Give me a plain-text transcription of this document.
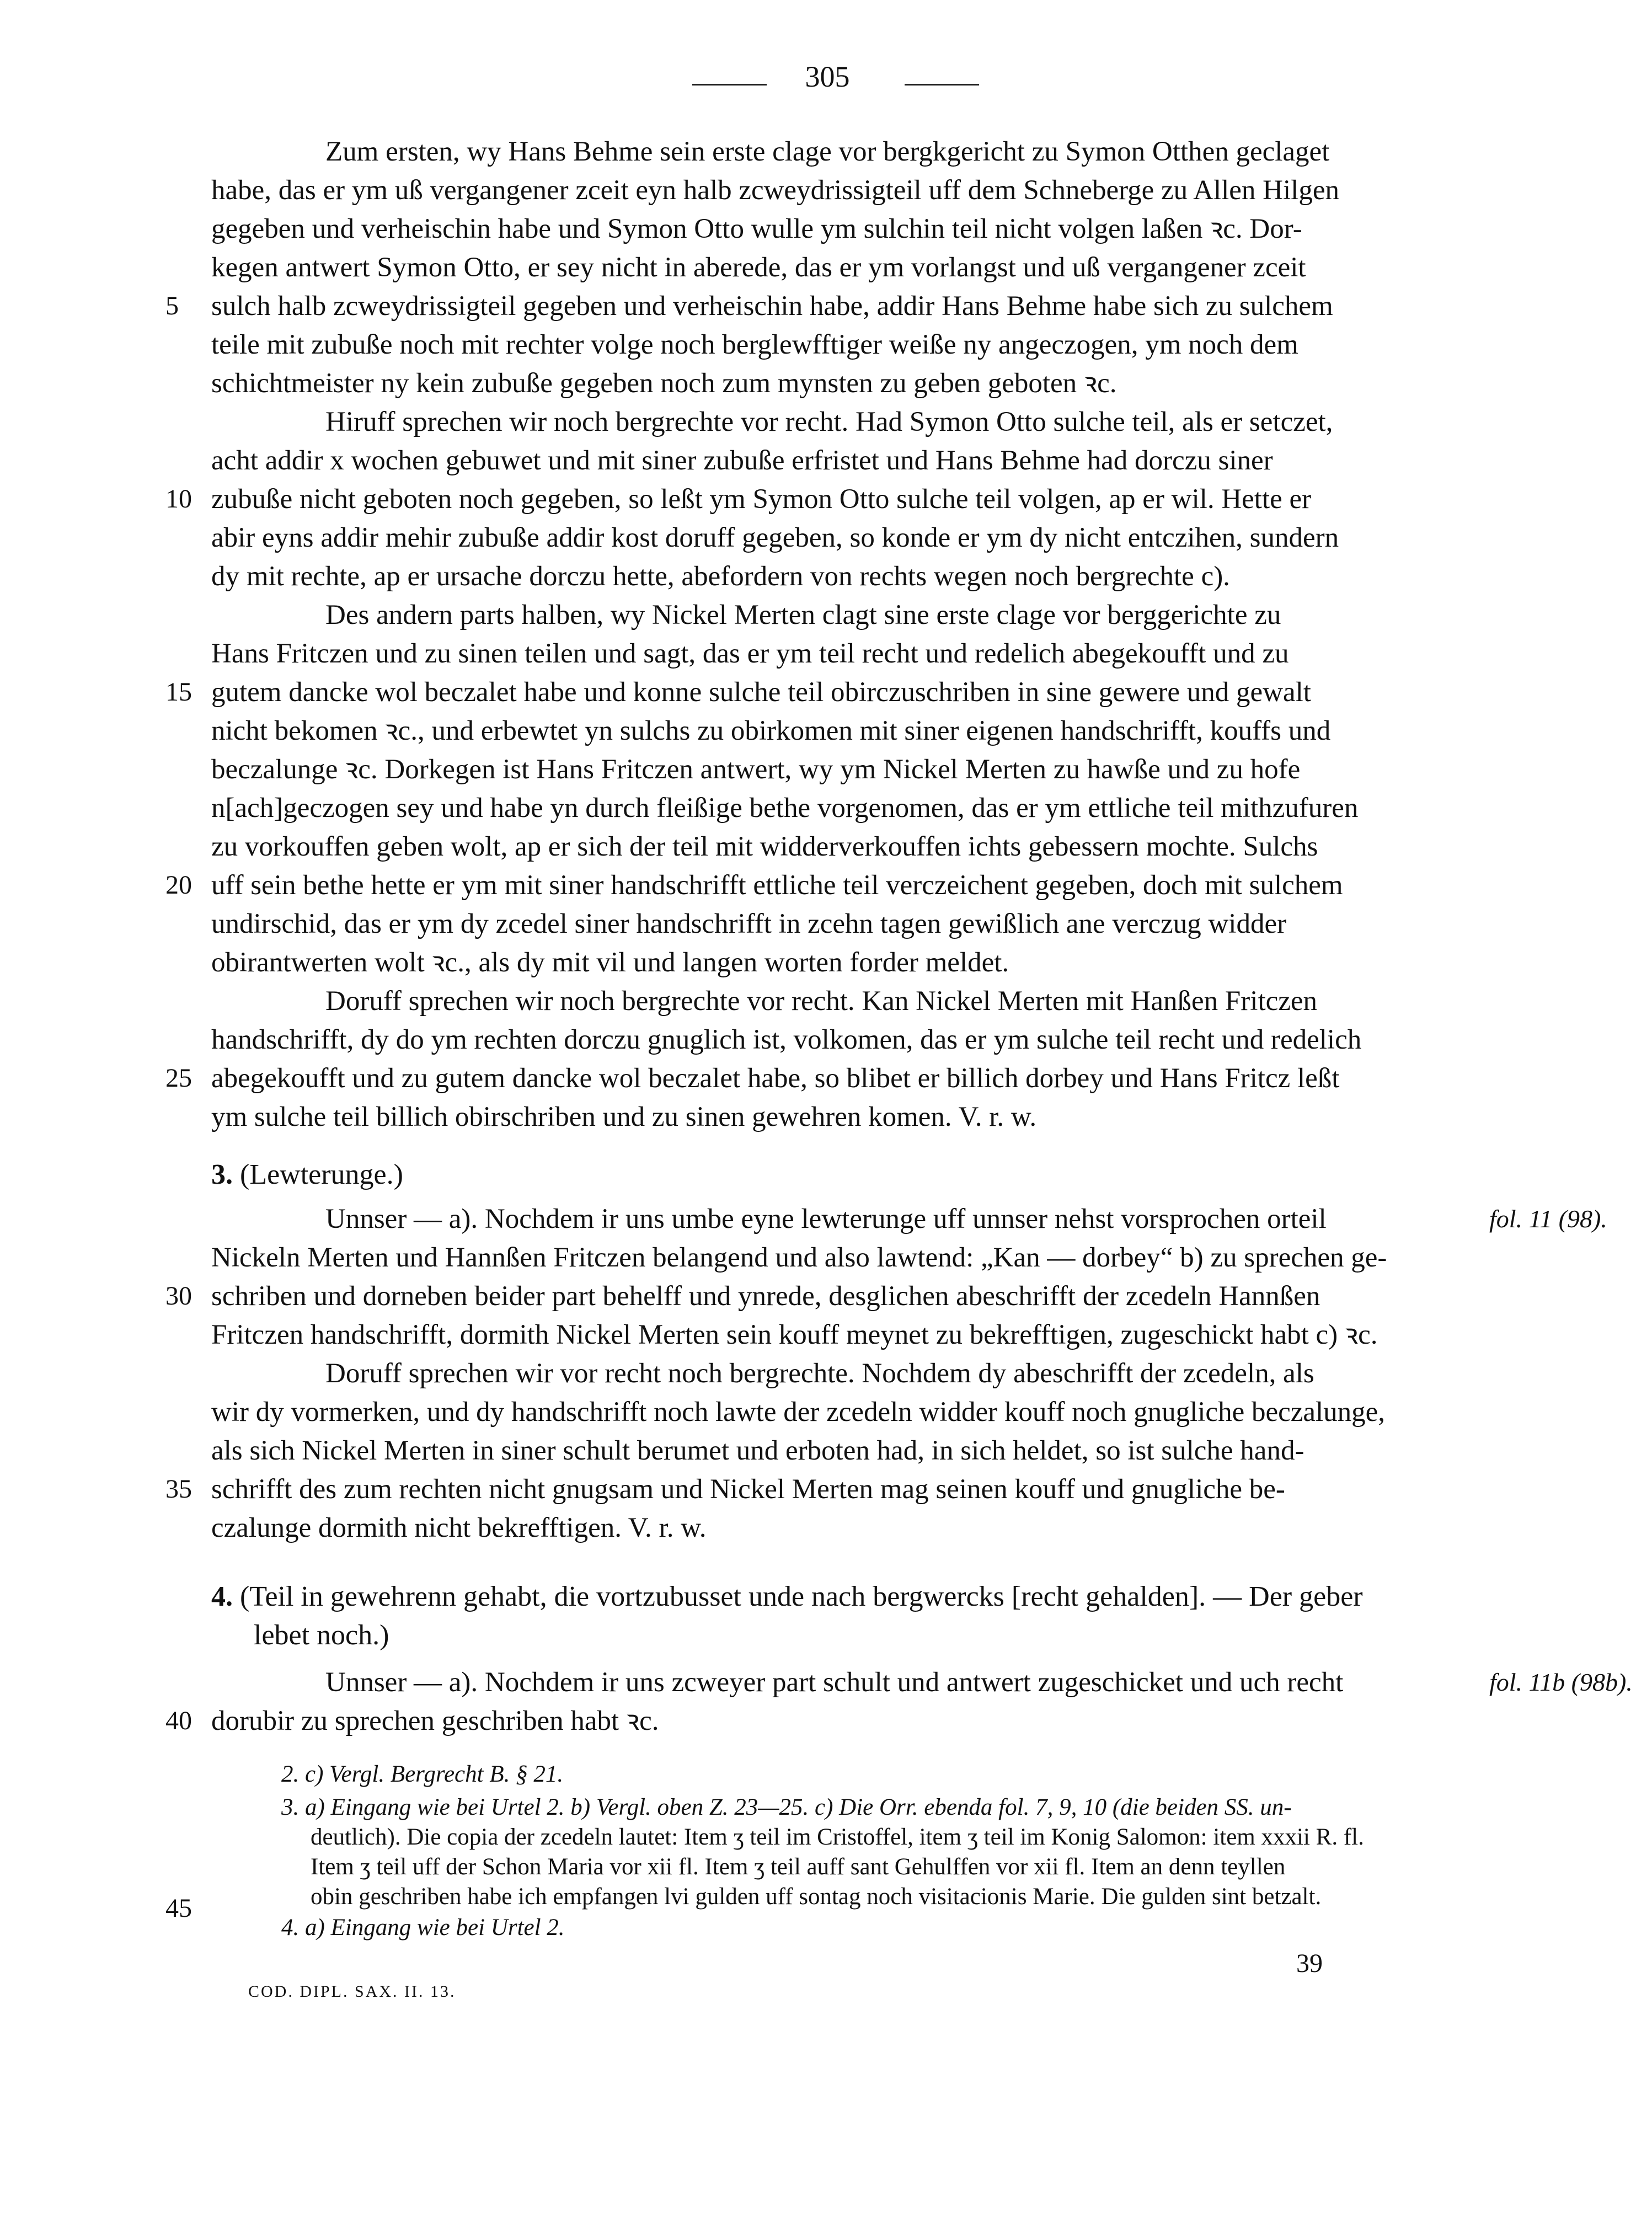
305
Zum ersten, wy Hans Behme sein erste clage vor bergkgericht zu Symon Otthen geclaget
habe, das er ym uß vergangener zceit eyn halb zcweydrissigteil uff dem Schneberge zu Allen Hilgen
gegeben und verheischin habe und Symon Otto wulle ym sulchin teil nicht volgen laßen ꝛc. Dor-
kegen antwert Symon Otto, er sey nicht in aberede, das er ym vorlangst und uß vergangener zceit
sulch halb zcweydrissigteil gegeben und verheischin habe, addir Hans Behme habe sich zu sulchem
teile mit zubuße noch mit rechter volge noch berglewfftiger weiße ny angeczogen, ym noch dem
schichtmeister ny kein zubuße gegeben noch zum mynsten zu geben geboten ꝛc.
Hiruff sprechen wir noch bergrechte vor recht. Had Symon Otto sulche teil, als er setczet,
acht addir x wochen gebuwet und mit siner zubuße erfristet und Hans Behme had dorczu siner
zubuße nicht geboten noch gegeben, so leßt ym Symon Otto sulche teil volgen, ap er wil. Hette er
abir eyns addir mehir zubuße addir kost doruff gegeben, so konde er ym dy nicht entczihen, sundern
dy mit rechte, ap er ursache dorczu hette, abefordern von rechts wegen noch bergrechte c).
Des andern parts halben, wy Nickel Merten clagt sine erste clage vor berggerichte zu
Hans Fritczen und zu sinen teilen und sagt, das er ym teil recht und redelich abegekoufft und zu
gutem dancke wol beczalet habe und konne sulche teil obirczuschriben in sine gewere und gewalt
nicht bekomen ꝛc., und erbewtet yn sulchs zu obirkomen mit siner eigenen handschrifft, kouffs und
beczalunge ꝛc. Dorkegen ist Hans Fritczen antwert, wy ym Nickel Merten zu hawße und zu hofe
n[ach]geczogen sey und habe yn durch fleißige bethe vorgenomen, das er ym ettliche teil mithzufuren
zu vorkouffen geben wolt, ap er sich der teil mit widderverkouffen ichts gebessern mochte. Sulchs
uff sein bethe hette er ym mit siner handschrifft ettliche teil verczeichent gegeben, doch mit sulchem
undirschid, das er ym dy zcedel siner handschrifft in zcehn tagen gewißlich ane verczug widder
obirantwerten wolt ꝛc., als dy mit vil und langen worten forder meldet.
Doruff sprechen wir noch bergrechte vor recht. Kan Nickel Merten mit Hanßen Fritczen
handschrifft, dy do ym rechten dorczu gnuglich ist, volkomen, das er ym sulche teil recht und redelich
abegekoufft und zu gutem dancke wol beczalet habe, so blibet er billich dorbey und Hans Fritcz leßt
ym sulche teil billich obirschriben und zu sinen gewehren komen. V. r. w.
3. (Lewterunge.)
Unnser — a). Nochdem ir uns umbe eyne lewterunge uff unnser nehst vorsprochen orteil	fol. 11 (98).
Nickeln Merten und Hannßen Fritczen belangend und also lawtend: „Kan — dorbey“ b) zu sprechen ge-
schriben und dorneben beider part behelff und ynrede, desglichen abeschrifft der zcedeln Hannßen
Fritczen handschrifft, dormith Nickel Merten sein kouff meynet zu bekrefftigen, zugeschickt habt c) ꝛc.
Doruff sprechen wir vor recht noch bergrechte. Nochdem dy abeschrifft der zcedeln, als
wir dy vormerken, und dy handschrifft noch lawte der zcedeln widder kouff noch gnugliche beczalunge,
als sich Nickel Merten in siner schult berumet und erboten had, in sich heldet, so ist sulche hand-
schrifft des zum rechten nicht gnugsam und Nickel Merten mag seinen kouff und gnugliche be-
czalunge dormith nicht bekrefftigen. V. r. w.
4. (Teil in gewehrenn gehabt, die vortzubusset unde nach bergwercks [recht gehalden]. — Der geber
lebet noch.)
Unnser — a). Nochdem ir uns zcweyer part schult und antwert zugeschicket und uch recht	fol. 11b (98b).
dorubir zu sprechen geschriben habt ꝛc.
5
10
15
20
25
30
35
40
45
2. c) Vergl. Bergrecht B. § 21.
3. a) Eingang wie bei Urtel 2. b) Vergl. oben Z. 23—25. c) Die Orr. ebenda fol. 7, 9, 10 (die beiden SS. un-
deutlich). Die copia der zcedeln lautet: Item ʒ teil im Cristoffel, item ʒ teil im Konig Salomon: item xxxii R. fl.
Item ʒ teil uff der Schon Maria vor xii fl. Item ʒ teil auff sant Gehulffen vor xii fl. Item an denn teyllen
obin geschriben habe ich empfangen lvi gulden uff sontag noch visitacionis Marie. Die gulden sint betzalt.
4. a) Eingang wie bei Urtel 2.
COD. DIPL. SAX. II. 13.
39
